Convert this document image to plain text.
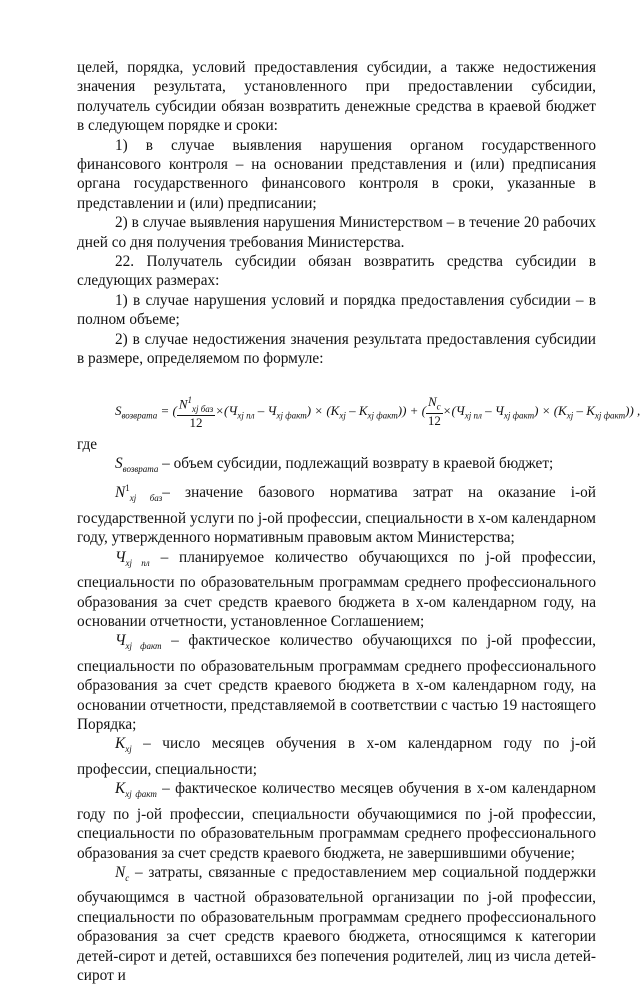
целей, порядка, условий предоставления субсидии, а также недостижения значения результата, установленного при предоставлении субсидии, получатель субсидии обязан возвратить денежные средства в краевой бюджет в следующем порядке и сроки:

1) в случае выявления нарушения органом государственного финансового контроля – на основании представления и (или) предписания органа государственного финансового контроля в сроки, указанные в представлении и (или) предписании;

2) в случае выявления нарушения Министерством – в течение 20 рабочих дней со дня получения требования Министерства.

22. Получатель субсидии обязан возвратить средства субсидии в следующих размерах:

1) в случае нарушения условий и порядка предоставления субсидии – в полном объеме;

2) в случае недостижения значения результата предоставления субсидии в размере, определяемом по формуле:

$S_{возврата}$ = ( $\frac{N^1_{xj баз}}{12} \times(Ч_{xj пл} - Ч_{xj факт}) \times (K_{xj} - K_{xj факт})$) + ( $\frac{N_c}{12} \times(Ч_{xj пл} - Ч_{xj факт}) \times (K_{xj} - K_{xj факт})$) ,

где

$S_{возврата}$ – объем субсидии, подлежащий возврату в краевой бюджет;

$N^1_{xj баз}-$ значение базового норматива затрат на оказание i-ой государственной услуги по j-ой профессии, специальности в x-ом календарном году, утвержденного нормативным правовым актом Министерства;

$Ч_{xj пл}$ – планируемое количество обучающихся по j-ой профессии, специальности по образовательным программам среднего профессионального образования за счет средств краевого бюджета в x-ом календарном году, на основании отчетности, установленное Соглашением;

$Ч_{xj факт}$ – фактическое количество обучающихся по j-ой профессии, специальности по образовательным программам среднего профессионального образования за счет средств краевого бюджета в x-ом календарном году, на основании отчетности, представляемой в соответствии с частью 19 настоящего Порядка;

$K_{xj}$ – число месяцев обучения в x-ом календарном году по j-ой профессии, специальности;

$K_{xj факт}$ – фактическое количество месяцев обучения в x-ом календарном году по j-ой профессии, специальности обучающимися по j-ой профессии, специальности по образовательным программам среднего профессионального образования за счет средств краевого бюджета, не завершившими обучение;

$N_c$ – затраты, связанные с предоставлением мер социальной поддержки обучающимся в частной образовательной организации по j-ой профессии, специальности по образовательным программам среднего профессионального образования за счет средств краевого бюджета, относящимся к категории детей-сирот и детей, оставшихся без попечения родителей, лиц из числа детей-сирот и
